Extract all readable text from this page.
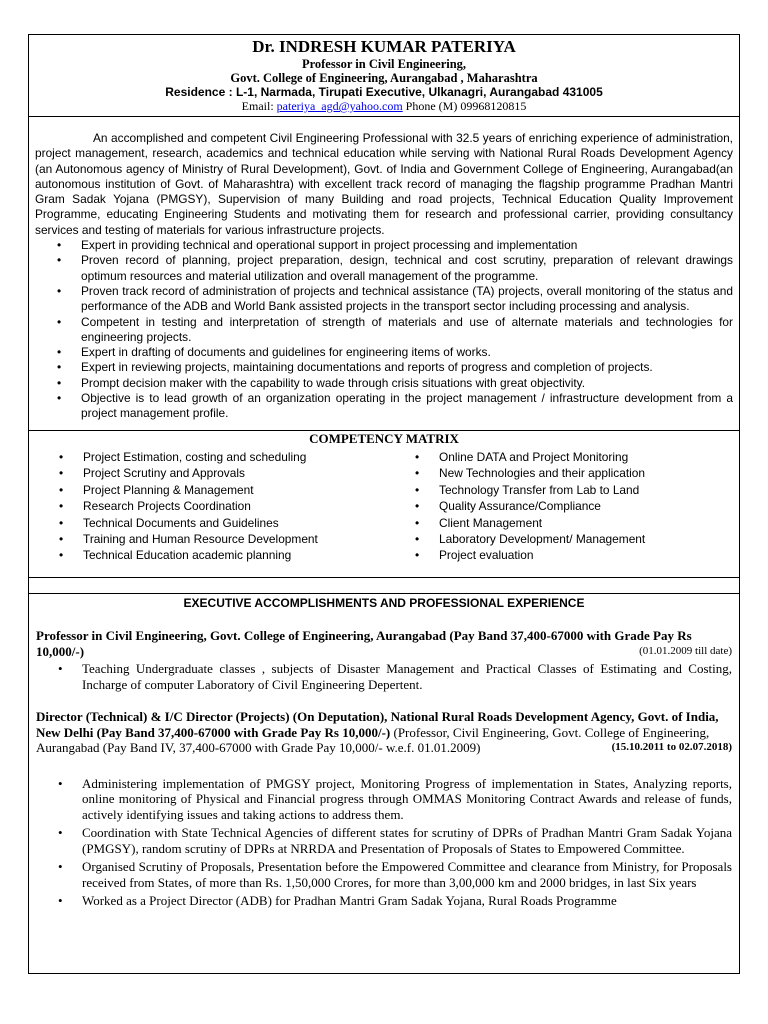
Dr. INDRESH KUMAR PATERIYA
Professor in Civil Engineering,
Govt. College of Engineering, Aurangabad , Maharashtra
Residence : L-1, Narmada, Tirupati Executive, Ulkanagri, Aurangabad 431005
Email: pateriya_agd@yahoo.com Phone (M) 09968120815

An accomplished and competent Civil Engineering Professional with 32.5 years of enriching experience of administration, project management, research, academics and technical education while serving with National Rural Roads Development Agency (an Autonomous agency of Ministry of Rural Development), Govt. of India and Government College of Engineering, Aurangabad(an autonomous institution of Govt. of Maharashtra) with excellent track record of managing the flagship programme Pradhan Mantri Gram Sadak Yojana (PMGSY), Supervision of many Building and road projects, Technical Education Quality Improvement Programme, educating Engineering Students and motivating them for research and professional carrier, providing consultancy services and testing of materials for various infrastructure projects.

• Expert in providing technical and operational support in project processing and implementation
• Proven record of planning, project preparation, design, technical and cost scrutiny, preparation of relevant drawings optimum resources and material utilization and overall management of the programme.
• Proven track record of administration of projects and technical assistance (TA) projects, overall monitoring of the status and performance of the ADB and World Bank assisted projects in the transport sector including processing and analysis.
• Competent in testing and interpretation of strength of materials and use of alternate materials and technologies for engineering projects.
• Expert in drafting of documents and guidelines for engineering items of works.
• Expert in reviewing projects, maintaining documentations and reports of progress and completion of projects.
• Prompt decision maker with the capability to wade through crisis situations with great objectivity.
• Objective is to lead growth of an organization operating in the project management / infrastructure development from a project management profile.
COMPETENCY MATRIX
• Project Estimation, costing and scheduling
• Project Scrutiny and Approvals
• Project Planning & Management
• Research Projects Coordination
• Technical Documents and Guidelines
• Training and Human Resource Development
• Technical Education academic planning
• Online DATA and Project Monitoring
• New Technologies and their application
• Technology Transfer from Lab to Land
• Quality Assurance/Compliance
• Client Management
• Laboratory Development/ Management
• Project evaluation
EXECUTIVE ACCOMPLISHMENTS AND PROFESSIONAL EXPERIENCE
Professor in Civil Engineering, Govt. College of Engineering, Aurangabad (Pay Band 37,400-67000 with Grade Pay Rs 10,000/-)	(01.01.2009 till date)
• Teaching Undergraduate classes , subjects of Disaster Management and Practical Classes of Estimating and Costing, Incharge of computer Laboratory of Civil Engineering Depertent.
Director (Technical) & I/C Director (Projects) (On Deputation), National Rural Roads Development Agency, Govt. of India, New Delhi (Pay Band 37,400-67000 with Grade Pay Rs 10,000/-) (Professor, Civil Engineering, Govt. College of Engineering, Aurangabad (Pay Band IV, 37,400-67000 with Grade Pay 10,000/- w.e.f. 01.01.2009)	(15.10.2011 to 02.07.2018)
• Administering implementation of PMGSY project, Monitoring Progress of implementation in States, Analyzing reports, online monitoring of Physical and Financial progress through OMMAS Monitoring Contract Awards and release of funds, actively identifying issues and taking actions to address them.
• Coordination with State Technical Agencies of different states for scrutiny of DPRs of Pradhan Mantri Gram Sadak Yojana (PMGSY), random scrutiny of DPRs at NRRDA and Presentation of Proposals of States to Empowered Committee.
• Organised Scrutiny of Proposals, Presentation before the Empowered Committee and clearance from Ministry, for Proposals received from States, of more than Rs. 1,50,000 Crores, for more than 3,00,000 km and 2000 bridges, in last Six years
• Worked as a Project Director (ADB) for Pradhan Mantri Gram Sadak Yojana, Rural Roads Programme
